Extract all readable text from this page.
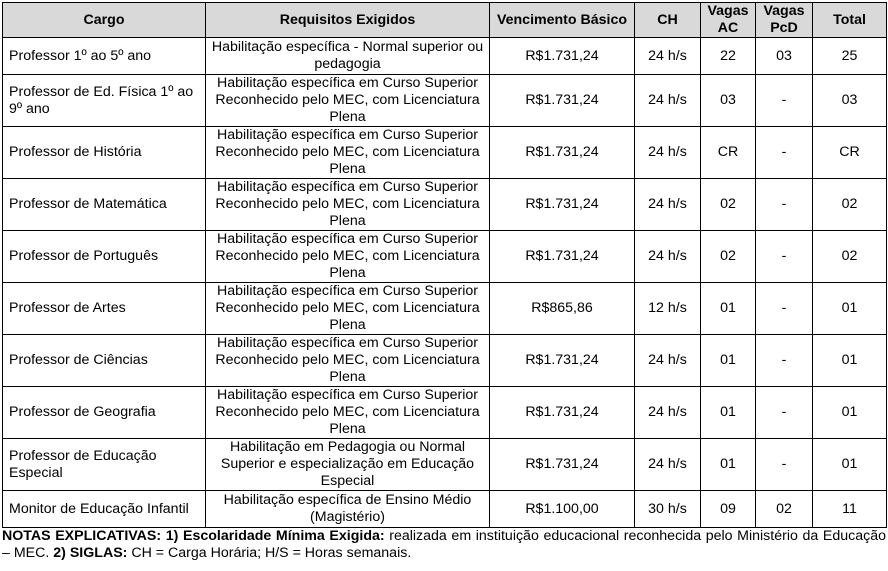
Cargo	Requisitos Exigidos	Vencimento Básico	CH	Vagas AC	Vagas PcD	Total
Professor 1º ao 5º ano	Habilitação específica - Normal superior ou pedagogia	R$1.731,24	24 h/s	22	03	25
Professor de Ed. Física 1º ao 9º ano	Habilitação específica em Curso Superior Reconhecido pelo MEC, com Licenciatura Plena	R$1.731,24	24 h/s	03	-	03
Professor de História	Habilitação específica em Curso Superior Reconhecido pelo MEC, com Licenciatura Plena	R$1.731,24	24 h/s	CR	-	CR
Professor de Matemática	Habilitação específica em Curso Superior Reconhecido pelo MEC, com Licenciatura Plena	R$1.731,24	24 h/s	02	-	02
Professor de Português	Habilitação específica em Curso Superior Reconhecido pelo MEC, com Licenciatura Plena	R$1.731,24	24 h/s	02	-	02
Professor de Artes	Habilitação específica em Curso Superior Reconhecido pelo MEC, com Licenciatura Plena	R$865,86	12 h/s	01	-	01
Professor de Ciências	Habilitação específica em Curso Superior Reconhecido pelo MEC, com Licenciatura Plena	R$1.731,24	24 h/s	01	-	01
Professor de Geografia	Habilitação específica em Curso Superior Reconhecido pelo MEC, com Licenciatura Plena	R$1.731,24	24 h/s	01	-	01
Professor de Educação Especial	Habilitação em Pedagogia ou Normal Superior e especialização em Educação Especial	R$1.731,24	24 h/s	01	-	01
Monitor de Educação Infantil	Habilitação específica de Ensino Médio (Magistério)	R$1.100,00	30 h/s	09	02	11
NOTAS EXPLICATIVAS: 1) Escolaridade Mínima Exigida: realizada em instituição educacional reconhecida pelo Ministério da Educação – MEC. 2) SIGLAS: CH = Carga Horária; H/S = Horas semanais.
